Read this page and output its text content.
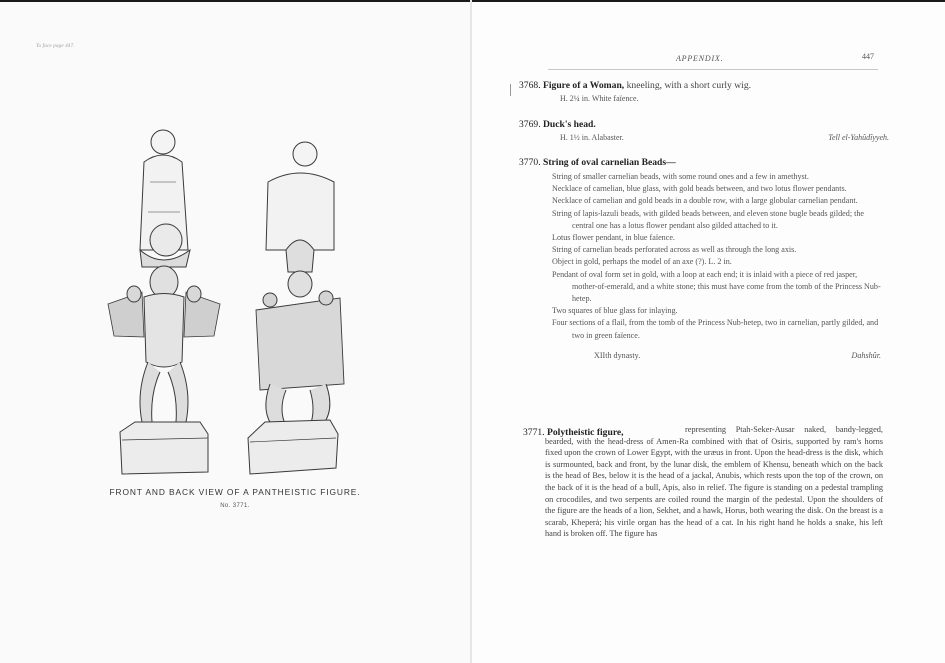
To face page 447.
FRONT AND BACK VIEW OF A PANTHEISTIC FIGURE.
No. 3771.
APPENDIX.	447
3768. Figure of a Woman, kneeling, with a short curly wig.
H. 2¼ in. White faïence.
3769. Duck's head.
H. 1½ in. Alabaster.	Tell el-Yahûdîyyeh.
3770. String of oval carnelian Beads—

String of smaller carnelian beads, with some round ones and a few in amethyst.

Necklace of carnelian, blue glass, with gold beads between, and two lotus flower pendants.

Necklace of carnelian and gold beads in a double row, with a large globular carnelian pendant.

String of lapis-lazuli beads, with gilded beads between, and eleven stone bugle beads gilded; the central one has a lotus flower pendant also gilded attached to it.

Lotus flower pendant, in blue faïence.

String of carnelian beads perforated across as well as through the long axis.

Object in gold, perhaps the model of an axe (?). L. 2 in.

Pendant of oval form set in gold, with a loop at each end; it is inlaid with a piece of red jasper, mother-of-emerald, and a white stone; this must have come from the tomb of the Princess Nub-hetep.

Two squares of blue glass for inlaying.

Four sections of a flail, from the tomb of the Princess Nub-hetep, two in carnelian, partly gilded, and two in green faïence.

XIIth dynasty.	Dahshûr.

3771. Polytheistic figure,	representing Ptah-Seker-Ausar naked, bandy-legged, bearded, with the head-dress of Amen-Ra combined with that of Osiris, supported by ram's horns fixed upon the crown of Lower Egypt, with the uræus in front. Upon the head-dress is the disk, which is surmounted, back and front, by the lunar disk, the emblem of Khensu, beneath which on the back is the head of Bes, below it is the head of a jackal, Anubis, which rests upon the top of the crown, on the back of it is the head of a bull, Apis, also in relief. The figure is standing on a pedestal trampling on crocodiles, and two serpents are coiled round the margin of the pedestal. Upon the shoulders of the figure are the heads of a lion, Sekhet, and a hawk, Horus, both wearing the disk. On the breast is a scarab, Kheperȧ; his virile organ has the head of a cat. In his right hand he holds a snake, his left hand is broken off. The figure has
